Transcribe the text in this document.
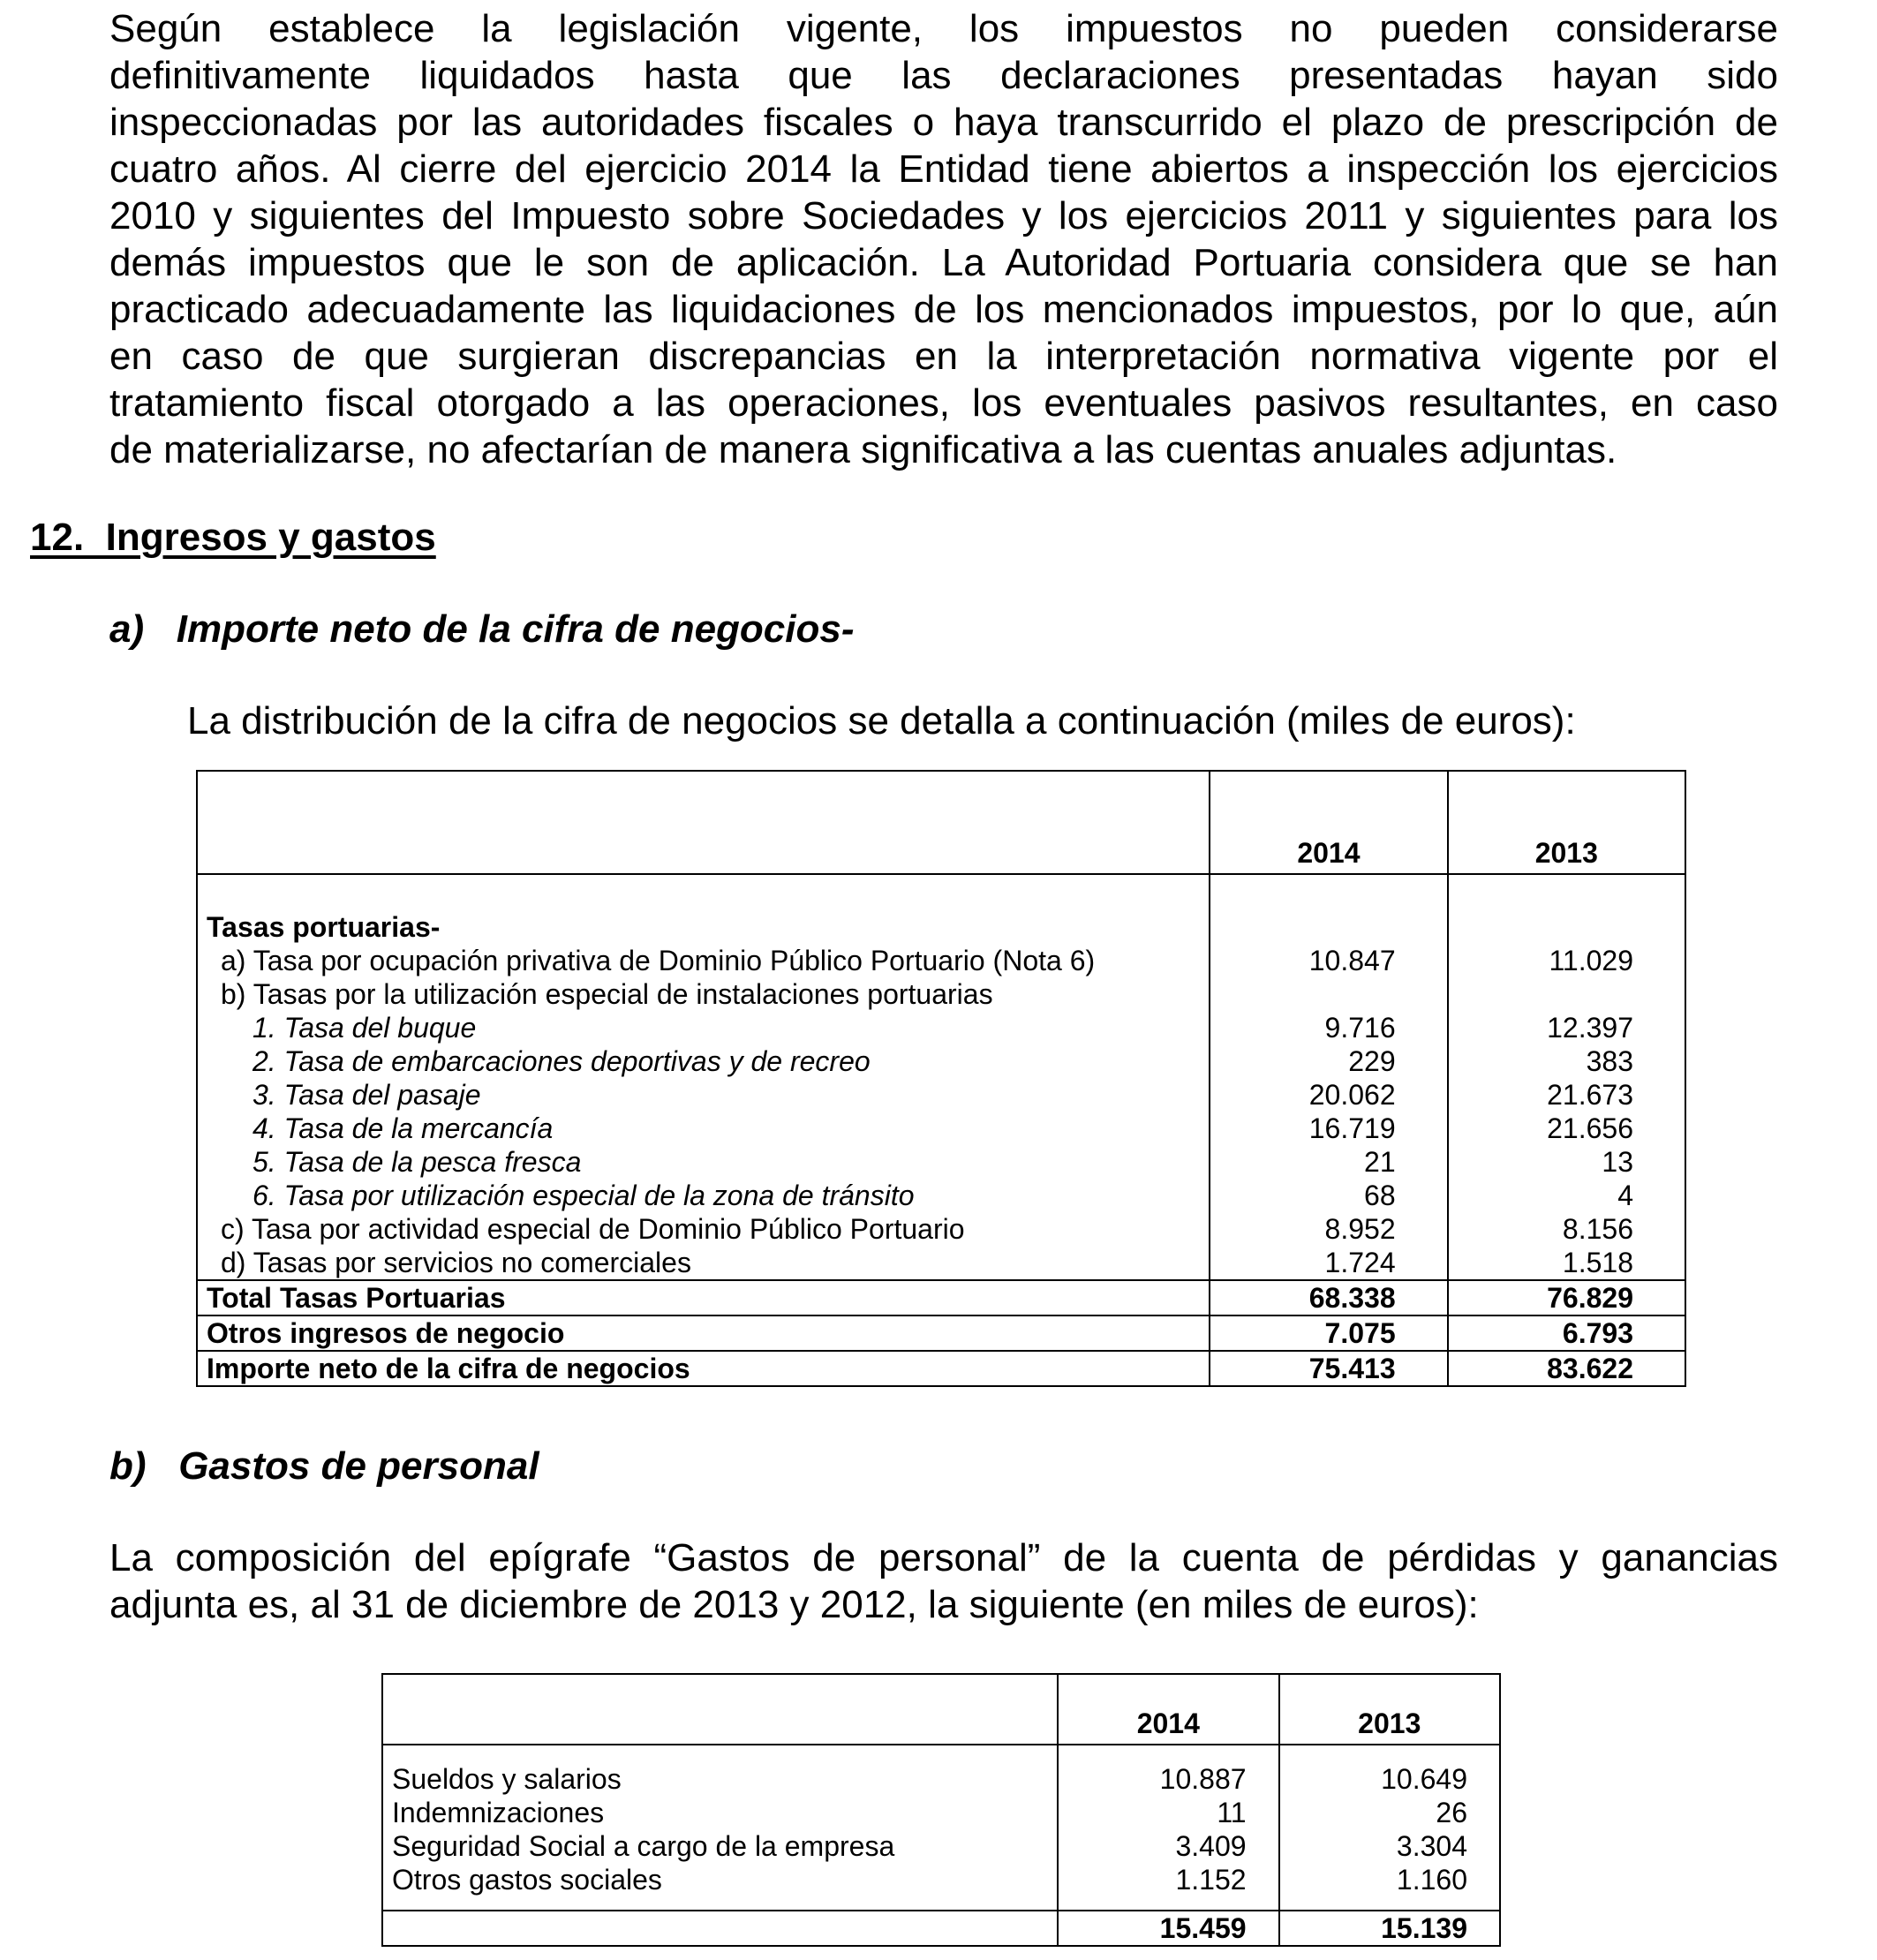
Según establece la legislación vigente, los impuestos no pueden considerarse
definitivamente liquidados hasta que las declaraciones presentadas hayan sido
inspeccionadas por las autoridades fiscales o haya transcurrido el plazo de prescripción de
cuatro años. Al cierre del ejercicio 2014 la Entidad tiene abiertos a inspección los ejercicios
2010 y siguientes del Impuesto sobre Sociedades y los ejercicios 2011 y siguientes para los
demás impuestos que le son de aplicación. La Autoridad Portuaria considera que se han
practicado adecuadamente las liquidaciones de los mencionados impuestos, por lo que, aún
en caso de que surgieran discrepancias en la interpretación normativa vigente por el
tratamiento fiscal otorgado a las operaciones, los eventuales pasivos resultantes, en caso
de materializarse, no afectarían de manera significativa a las cuentas anuales adjuntas.
12.  Ingresos y gastos
a)   Importe neto de la cifra de negocios-

La distribución de la cifra de negocios se detalla a continuación (miles de euros):

	2014	2013

Tasas portuarias-		
a) Tasa por ocupación privativa de Dominio Público Portuario (Nota 6)	10.847	11.029
b) Tasas por la utilización especial de instalaciones portuarias		
1. Tasa del buque	9.716	12.397
2. Tasa de embarcaciones deportivas y de recreo	229	383
3. Tasa del pasaje	20.062	21.673
4. Tasa de la mercancía	16.719	21.656
5. Tasa de la pesca fresca	21	13
6. Tasa por utilización especial de la zona de tránsito	68	4
c) Tasa por actividad especial de Dominio Público Portuario	8.952	8.156
d) Tasas por servicios no comerciales	1.724	1.518
Total Tasas Portuarias	68.338	76.829
Otros ingresos de negocio	7.075	6.793
Importe neto de la cifra de negocios	75.413	83.622
b)   Gastos de personal
La composición del epígrafe “Gastos de personal” de la cuenta de pérdidas y ganancias
adjunta es, al 31 de diciembre de 2013 y 2012, la siguiente (en miles de euros):
	2014	2013

Sueldos y salarios	10.887	10.649
Indemnizaciones	11	26
Seguridad Social a cargo de la empresa	3.409	3.304
Otros gastos sociales	1.152	1.160

	15.459	15.139
